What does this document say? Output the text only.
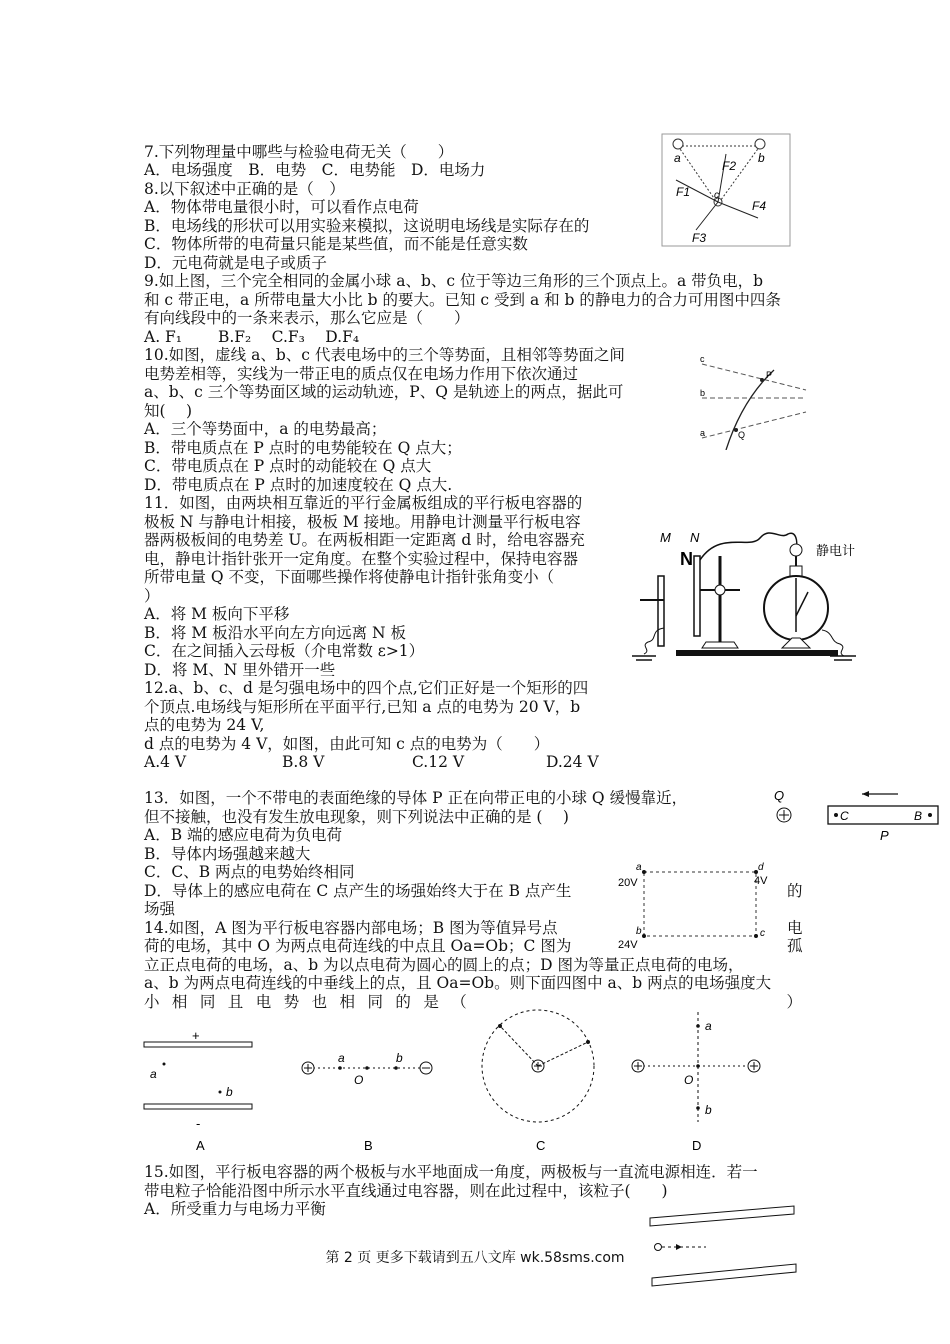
7.下列物理量中哪些与检验电荷无关（　　）
A．电场强度　B．电势　C．电势能　D．电场力
8.以下叙述中正确的是（　）
A．物体带电量很小时，可以看作点电荷
B．电场线的形状可以用实验来模拟，这说明电场线是实际存在的
C．物体所带的电荷量只能是某些值，而不能是任意实数
D．元电荷就是电子或质子
9.如上图，三个完全相同的金属小球 a、b、c 位于等边三角形的三个顶点上。a 带负电，b
和 c 带正电，a 所带电量大小比 b 的要大。已知 c 受到 a 和 b 的静电力的合力可用图中四条
有向线段中的一条来表示，那么它应是（　　）
A. F₁　　 B.F₂　 C.F₃　 D.F₄
10.如图，虚线 a、b、c 代表电场中的三个等势面，且相邻等势面之间
电势差相等，实线为一带正电的质点仅在电场力作用下依次通过
a、b、c 三个等势面区域的运动轨迹，P、Q 是轨迹上的两点，据此可
知(　 )
A．三个等势面中，a 的电势最高；
B．带电质点在 P 点时的电势能较在 Q 点大；
C．带电质点在 P 点时的动能较在 Q 点大
D．带电质点在 P 点时的加速度较在 Q 点大.
11．如图，由两块相互靠近的平行金属板组成的平行板电容器的
极板 N 与静电计相接，极板 M 接地。用静电计测量平行板电容
器两极板间的电势差 U。在两板相距一定距离 d 时，给电容器充
电，静电计指针张开一定角度。在整个实验过程中，保持电容器
所带电量 Q 不变，下面哪些操作将使静电计指针张角变小（
）
A．将 M 板向下平移
B．将 M 板沿水平向左方向远离 N 板
C．在之间插入云母板（介电常数 ε>1）
D．将 M、N 里外错开一些
12.a、b、c、d 是匀强电场中的四个点,它们正好是一个矩形的四
个顶点.电场线与矩形所在平面平行,已知 a 点的电势为 20 V，b
点的电势为 24 V,
d 点的电势为 4 V，如图，由此可知 c 点的电势为（　　）
A.4 V	B.8 V	C.12 V	D.24 V
13．如图，一个不带电的表面绝缘的导体 P 正在向带正电的小球 Q 缓慢靠近，
但不接触，也没有发生放电现象，则下列说法中正确的是 (　 )
A．B 端的感应电荷为负电荷
B．导体内场强越来越大
C．C、B 两点的电势始终相同
D．导体上的感应电荷在 C 点产生的场强始终大于在 B 点产生	的
场强
14.如图，A 图为平行板电容器内部电场；B 图为等值异号点	电
荷的电场，其中 O 为两点电荷连线的中点且 Oa=Ob；C 图为	孤
立正点电荷的电场，a、b 为以点电荷为圆心的圆上的点；D 图为等量正点电荷的电场，
a、b 为两点电荷连线的中垂线上的点，且 Oa=Ob。则下面四图中 a、b 两点的电场强度大
小相同且电势也相同的是（　　　　　　　　　　　）
15.如图，平行板电容器的两个极板与水平地面成一角度，两极板与一直流电源相连．若一
带电粒子恰能沿图中所示水平直线通过电容器，则在此过程中，该粒子(　　)
A．所受重力与电场力平衡
a	b
c
F1
F2
F3
F4
c
b
a
P
Q
M N
N	静电计
a	d
b	c
20V
24V
4V
Q
C	B
P
+
-
a
b
A
a
O
b
B	C
a
b
O
D
第 2 页 更多下载请到五八文库 wk.58sms.com
